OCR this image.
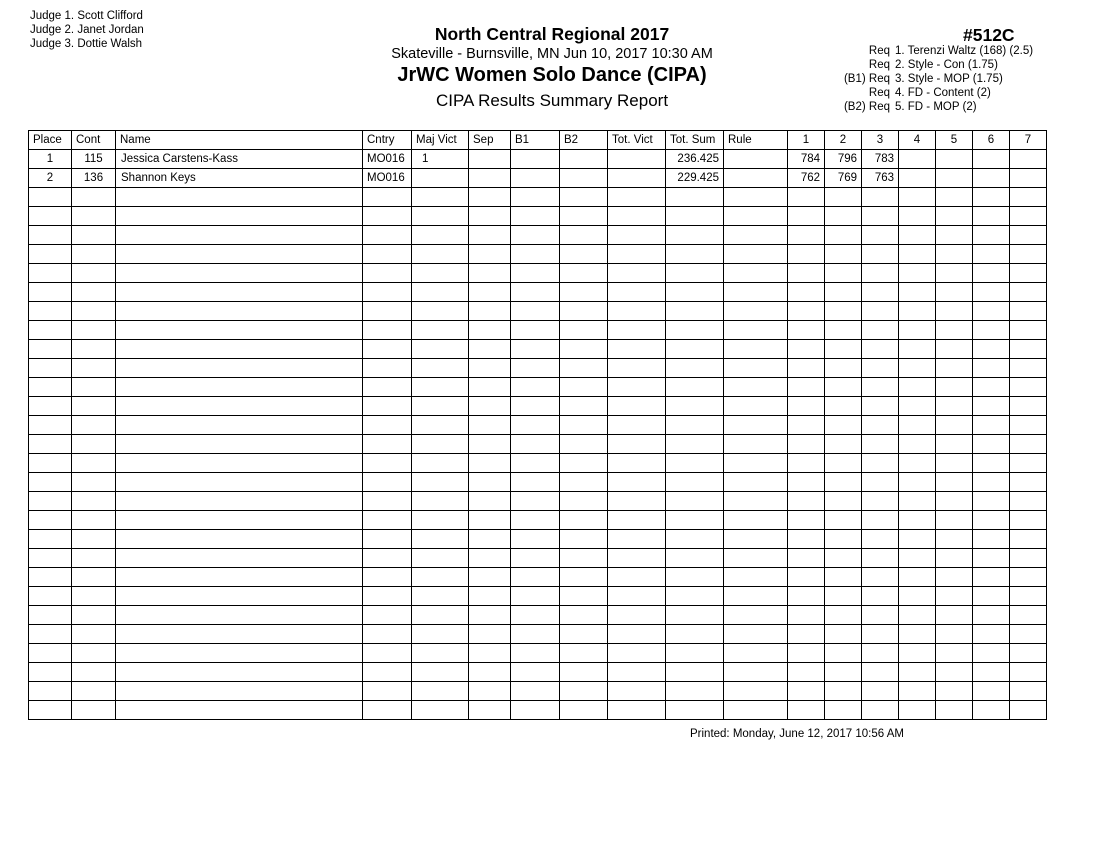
Judge 1. Scott Clifford
Judge 2. Janet Jordan
Judge 3. Dottie Walsh	North Central Regional 2017
Skateville - Burnsville, MN Jun 10, 2017 10:30 AM
JrWC Women Solo Dance (CIPA)
CIPA Results Summary Report
#512C
Req 1. Terenzi Waltz (168) (2.5)
Req 2. Style - Con (1.75)
(B1) Req 3. Style - MOP (1.75)
Req 4. FD - Content (2)
(B2) Req 5. FD - MOP (2)
Place	Cont	Name	Cntry	Maj Vict	Sep	B1	B2	Tot. Vict	Tot. Sum	Rule	1	2	3	4	5	6	7
1	115	Jessica Carstens-Kass	MO016	1					236.425		784	796	783				
2	136	Shannon Keys	MO016						229.425		762	769	763				

Printed: Monday, June 12, 2017 10:56 AM
